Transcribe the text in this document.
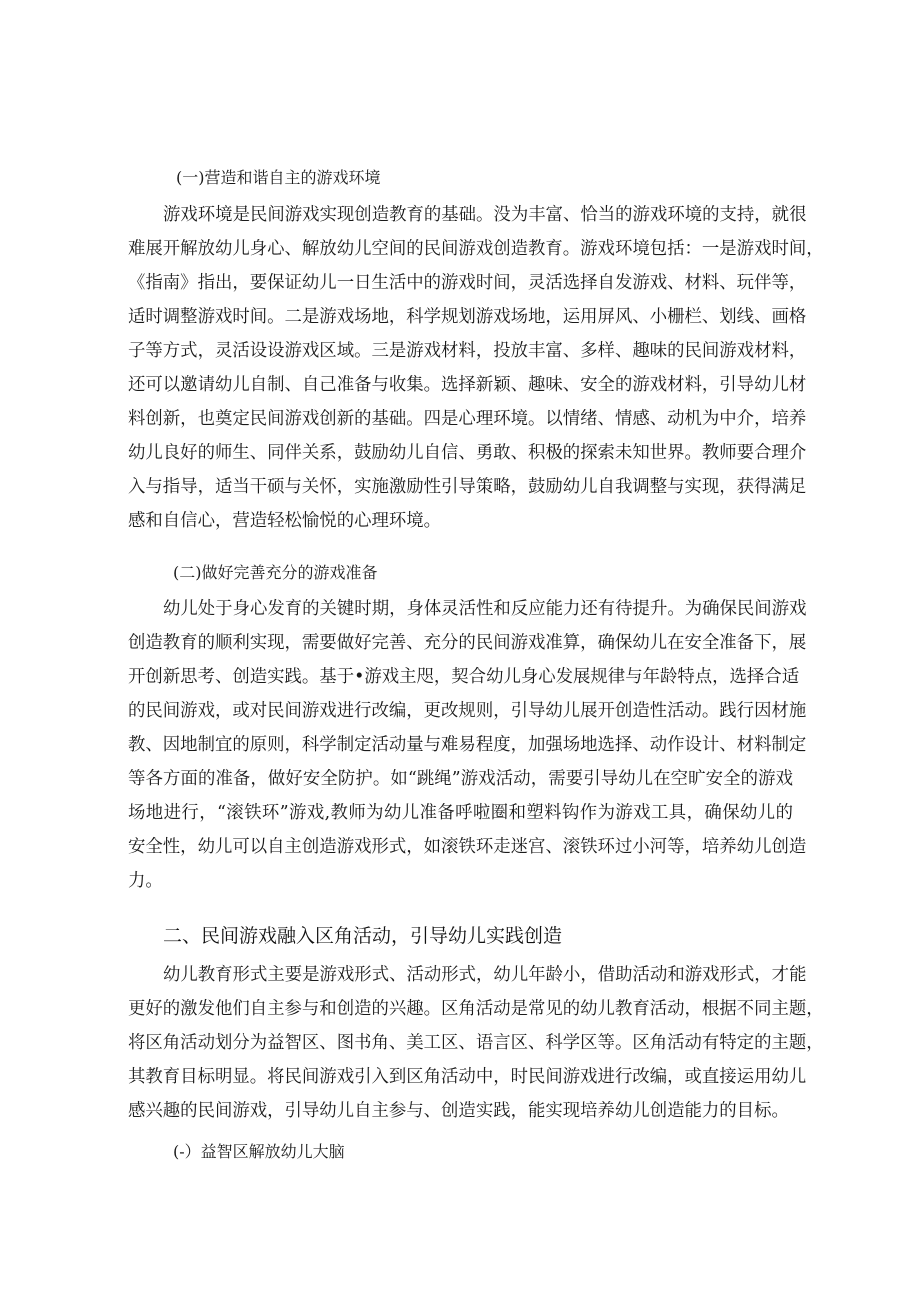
(一)营造和谐自主的游戏环境
游戏环境是民间游戏实现创造教育的基础。没为丰富、恰当的游戏环境的支持，就很
难展开解放幼儿身心、解放幼儿空间的民间游戏创造教育。游戏环境包括：一是游戏时间，
《指南》指出，要保证幼儿一日生活中的游戏时间，灵活选择自发游戏、材料、玩伴等，
适时调整游戏时间。二是游戏场地，科学规划游戏场地，运用屏风、小栅栏、划线、画格
子等方式，灵活设设游戏区域。三是游戏材料，投放丰富、多样、趣味的民间游戏材料，
还可以邀请幼儿自制、自己准备与收集。选择新颖、趣味、安全的游戏材料，引导幼儿材
料创新，也奠定民间游戏创新的基础。四是心理环境。以情绪、情感、动机为中介，培养
幼儿良好的师生、同伴关系，鼓励幼儿自信、勇敢、积极的探索未知世界。教师要合理介
入与指导，适当干硕与关怀，实施激励性引导策略，鼓励幼儿自我调整与实现，获得满足
感和自信心，营造轻松愉悦的心理环境。
(二)做好完善充分的游戏准备
幼儿处于身心发育的关键时期，身体灵活性和反应能力还有待提升。为确保民间游戏
创造教育的顺利实现，需要做好完善、充分的民间游戏准算，确保幼儿在安全准备下，展
开创新思考、创造实践。基于•游戏主咫，契合幼儿身心发展规律与年龄特点，选择合适
的民间游戏，或对民间游戏进行改编，更改规则，引导幼儿展开创造性活动。践行因材施
教、因地制宜的原则，科学制定活动量与难易程度，加强场地选择、动作设计、材料制定
等各方面的准备，做好安全防护。如“跳绳”游戏活动，需要引导幼儿在空旷安全的游戏
场地进行，“滚铁环”游戏,教师为幼儿准备呼啦圈和塑料钩作为游戏工具，确保幼儿的
安全性，幼儿可以自主创造游戏形式，如滚铁环走迷宫、滚铁环过小河等，培养幼儿创造
力。
二、民间游戏融入区角活动，引导幼儿实践创造
幼儿教育形式主要是游戏形式、活动形式，幼儿年龄小，借助活动和游戏形式，才能
更好的激发他们自主参与和创造的兴趣。区角活动是常见的幼儿教育活动，根据不同主题，
将区角活动划分为益智区、图书角、美工区、语言区、科学区等。区角活动有特定的主题，
其教育目标明显。将民间游戏引入到区角活动中，时民间游戏进行改编，或直接运用幼儿
感兴趣的民间游戏，引导幼儿自主参与、创造实践，能实现培养幼儿创造能力的目标。
(-）益智区解放幼儿大脑
